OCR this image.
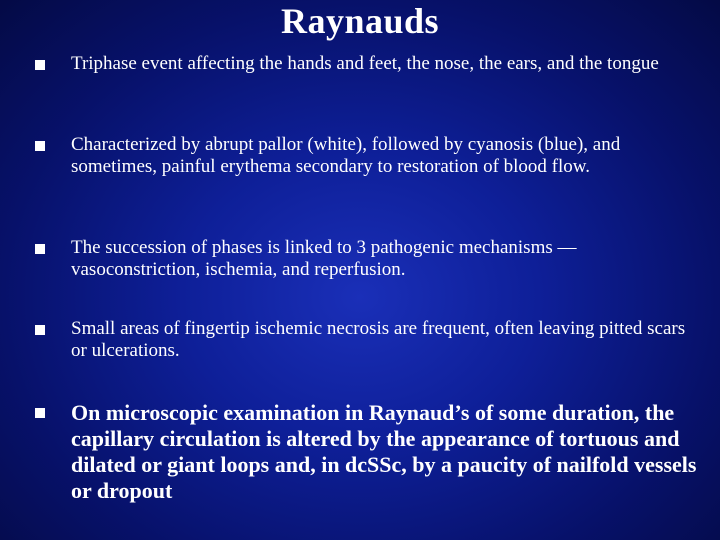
Raynauds
Triphase event affecting the hands and feet, the nose, the ears, and the tongue
Characterized by abrupt pallor (white), followed by cyanosis (blue), and sometimes, painful erythema secondary to restoration of blood flow.
The succession of phases is linked to 3 pathogenic mechanisms —vasoconstriction, ischemia, and reperfusion.
Small areas of fingertip ischemic necrosis are frequent, often leaving pitted scars or ulcerations.
On microscopic examination in Raynaud’s of some duration, the capillary circulation is altered by the appearance of tortuous and dilated or giant loops and, in dcSSc, by a paucity of nailfold vessels or dropout
